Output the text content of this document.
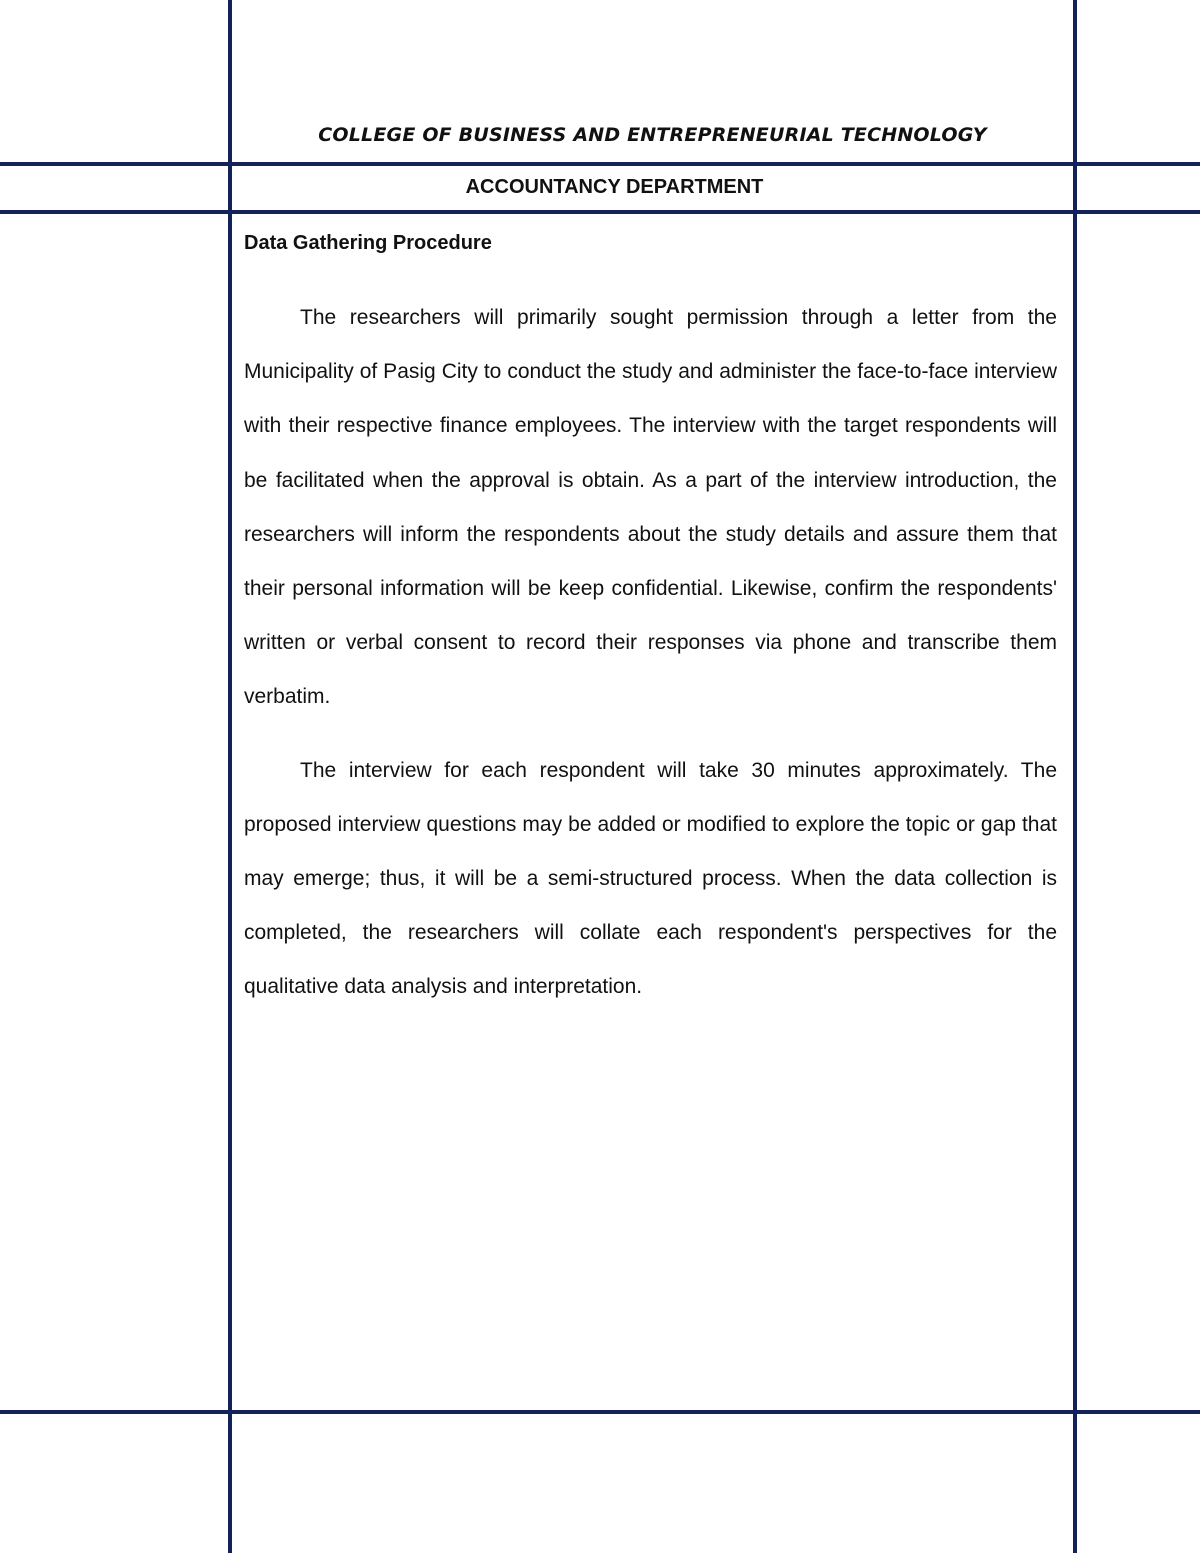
COLLEGE OF BUSINESS AND ENTREPRENEURIAL TECHNOLOGY
ACCOUNTANCY DEPARTMENT
Data Gathering Procedure

The researchers will primarily sought permission through a letter from the Municipality of Pasig City to conduct the study and administer the face-to-face interview with their respective finance employees. The interview with the target respondents will be facilitated when the approval is obtain. As a part of the interview introduction, the researchers will inform the respondents about the study details and assure them that their personal information will be keep confidential. Likewise, confirm the respondents' written or verbal consent to record their responses via phone and transcribe them verbatim.

The interview for each respondent will take 30 minutes approximately. The proposed interview questions may be added or modified to explore the topic or gap that may emerge; thus, it will be a semi-structured process. When the data collection is completed, the researchers will collate each respondent's perspectives for the qualitative data analysis and interpretation.
